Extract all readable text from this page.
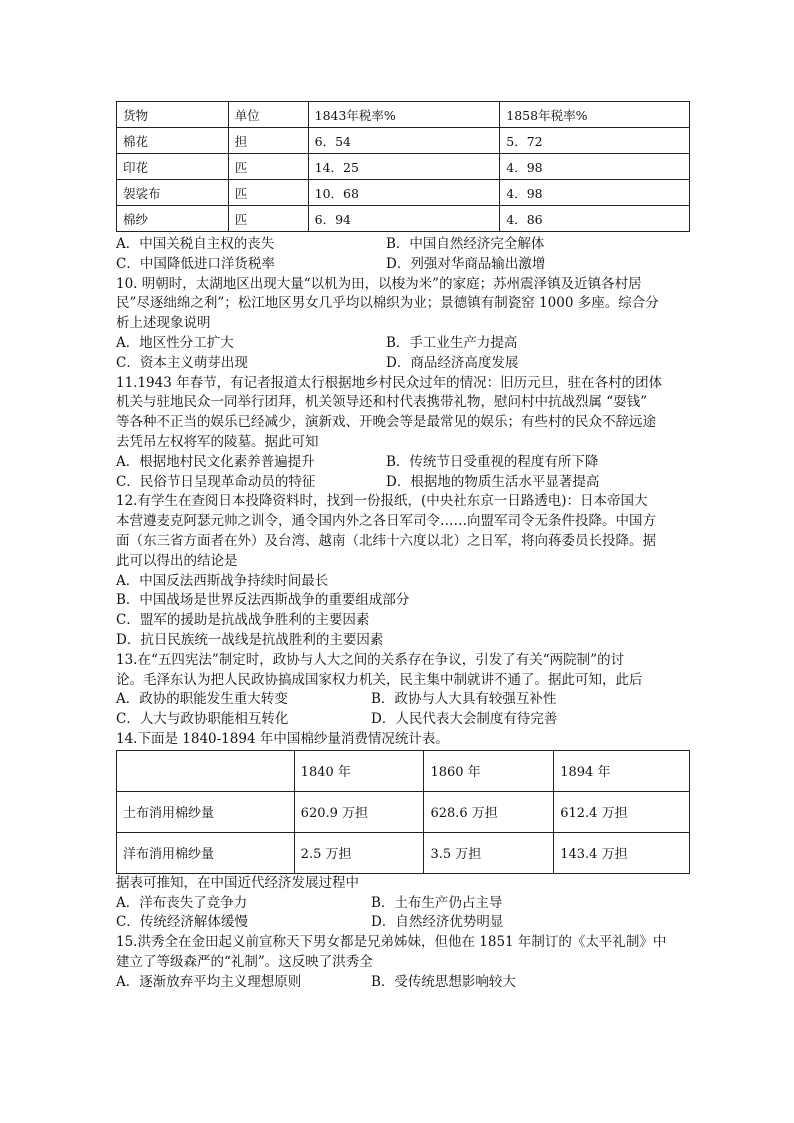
货物	单位	1843年税率%	1858年税率%
棉花	担	6．54	5．72
印花	匹	14．25	4．98
袈裟布	匹	10．68	4．98
棉纱	匹	6．94	4．86
A．中国关税自主权的丧失	B．中国自然经济完全解体
C．中国降低进口洋货税率	D．列强对华商品输出激增
10. 明朝时，太湖地区出现大量“以机为田，以梭为米”的家庭；苏州震泽镇及近镇各村居
民”尽逐绌绵之利”；松江地区男女几乎均以棉织为业；景德镇有制瓷窑 1000 多座。综合分
析上述现象说明
A．地区性分工扩大	B．手工业生产力提高
C．资本主义萌芽出现	D．商品经济高度发展
11.1943 年春节，有记者报道太行根据地乡村民众过年的情况：旧历元旦，驻在各村的团体
机关与驻地民众一同举行团拜，机关领导还和村代表携带礼物，慰问村中抗战烈属 “耍钱”
等各种不正当的娱乐已经减少，演新戏、开晚会等是最常见的娱乐；有些村的民众不辞远途
去凭吊左权将军的陵墓。据此可知
A．根据地村民文化素养普遍提升	B．传统节日受重视的程度有所下降
C．民俗节日呈现革命动员的特征	D．根据地的物质生活水平显著提高
12.有学生在查阅日本投降资料时，找到一份报纸，(中央社东京一日路透电)：日本帝国大
本营遵麦克阿瑟元帅之训令，通令国内外之各日军司令……向盟军司令无条件投降。中国方
面（东三省方面者在外）及台湾、越南（北纬十六度以北）之日军，将向蒋委员长投降。据
此可以得出的结论是
A．中国反法西斯战争持续时间最长
B．中国战场是世界反法西斯战争的重要组成部分
C．盟军的援助是抗战战争胜利的主要因素
D．抗日民族统一战线是抗战胜利的主要因素
13.在“五四宪法”制定时，政协与人大之间的关系存在争议，引发了有关“两院制”的讨
论。毛泽东认为把人民政协搞成国家权力机关，民主集中制就讲不通了。据此可知，此后
A．政协的职能发生重大转变	B．政协与人大具有较强互补性
C．人大与政协职能相互转化	D．人民代表大会制度有待完善
14.下面是 1840-1894 年中国棉纱量消费情况统计表。
	1840 年	1860 年	1894 年
土布消用棉纱量	620.9 万担	628.6 万担	612.4 万担
洋布消用棉纱量	2.5 万担	3.5 万担	143.4 万担
据表可推知，在中国近代经济发展过程中
A．洋布丧失了竞争力	B．土布生产仍占主导
C．传统经济解体缓慢	D．自然经济优势明显
15.洪秀全在金田起义前宣称天下男女都是兄弟姊妹，但他在 1851 年制订的《太平礼制》中
建立了等级森严的“礼制”。这反映了洪秀全
A．逐渐放弃平均主义理想原则	B．受传统思想影响较大
